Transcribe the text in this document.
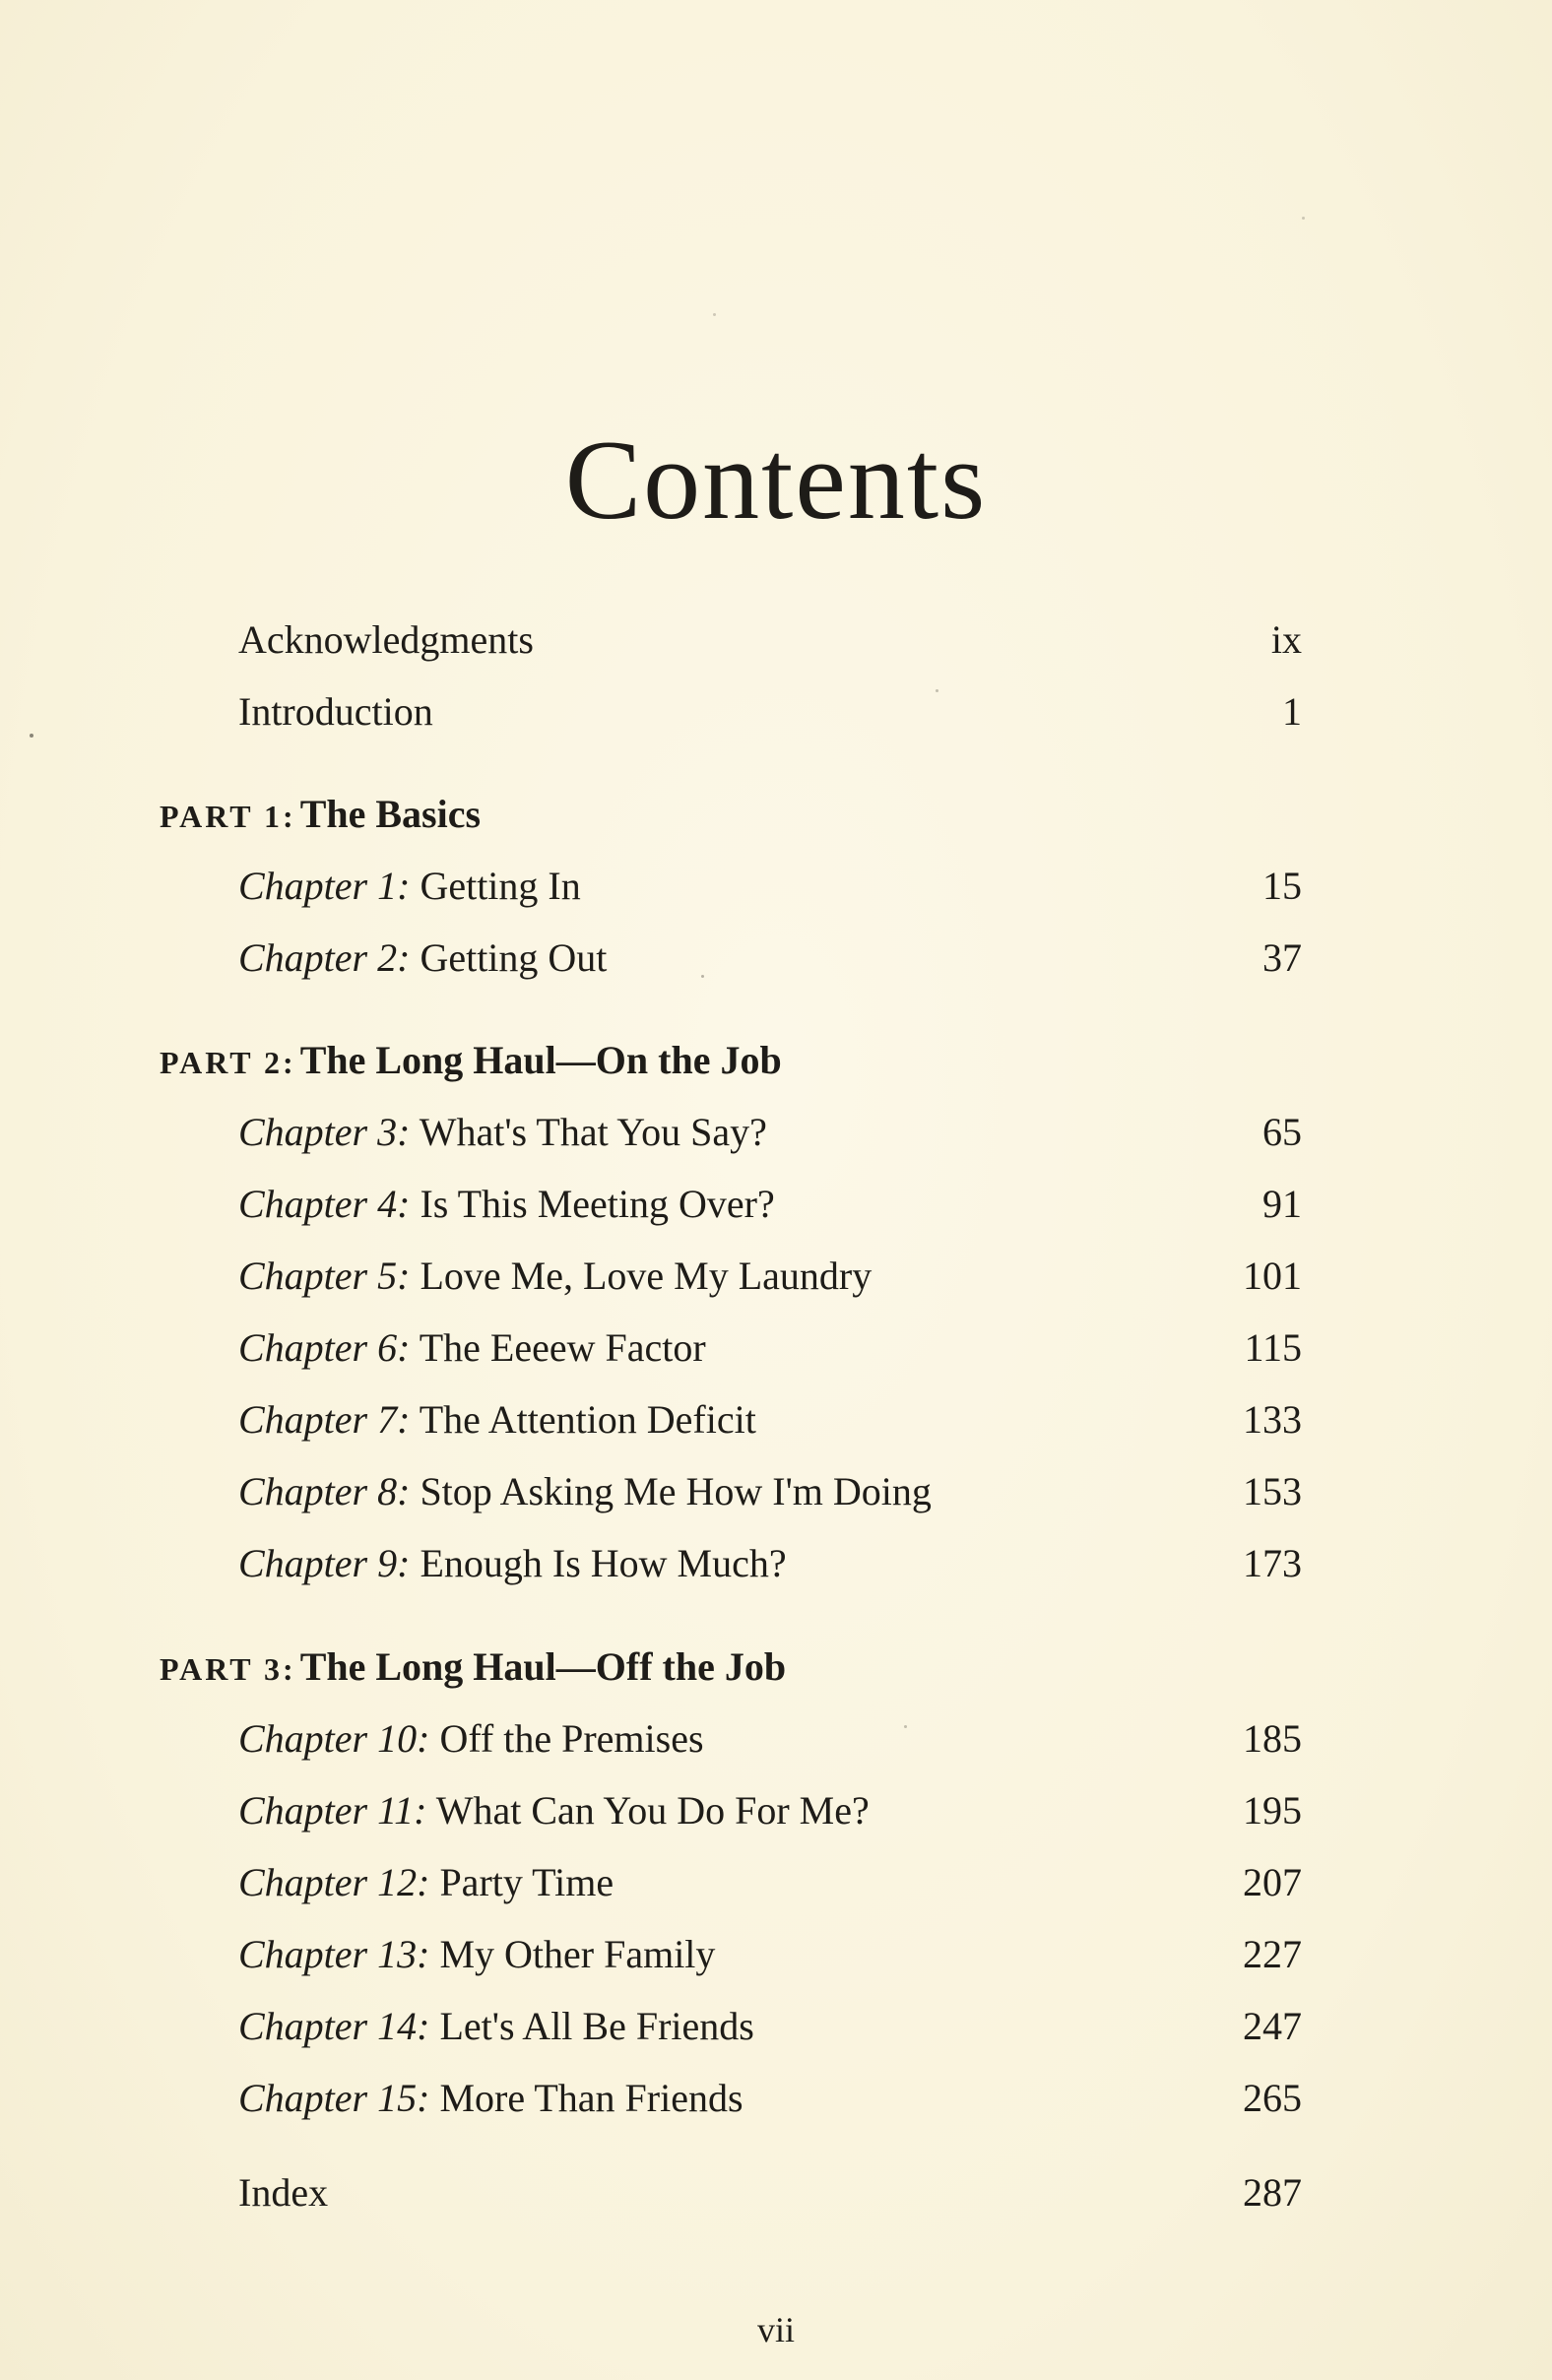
Contents
Acknowledgments	ix
Introduction	1
PART 1: The Basics
Chapter 1: Getting In	15
Chapter 2: Getting Out	37
PART 2: The Long Haul—On the Job
Chapter 3: What's That You Say?	65
Chapter 4: Is This Meeting Over?	91
Chapter 5: Love Me, Love My Laundry	101
Chapter 6: The Eeeew Factor	115
Chapter 7: The Attention Deficit	133
Chapter 8: Stop Asking Me How I'm Doing	153
Chapter 9: Enough Is How Much?	173
PART 3: The Long Haul—Off the Job
Chapter 10: Off the Premises	185
Chapter 11: What Can You Do For Me?	195
Chapter 12: Party Time	207
Chapter 13: My Other Family	227
Chapter 14: Let's All Be Friends	247
Chapter 15: More Than Friends	265
Index	287
vii
